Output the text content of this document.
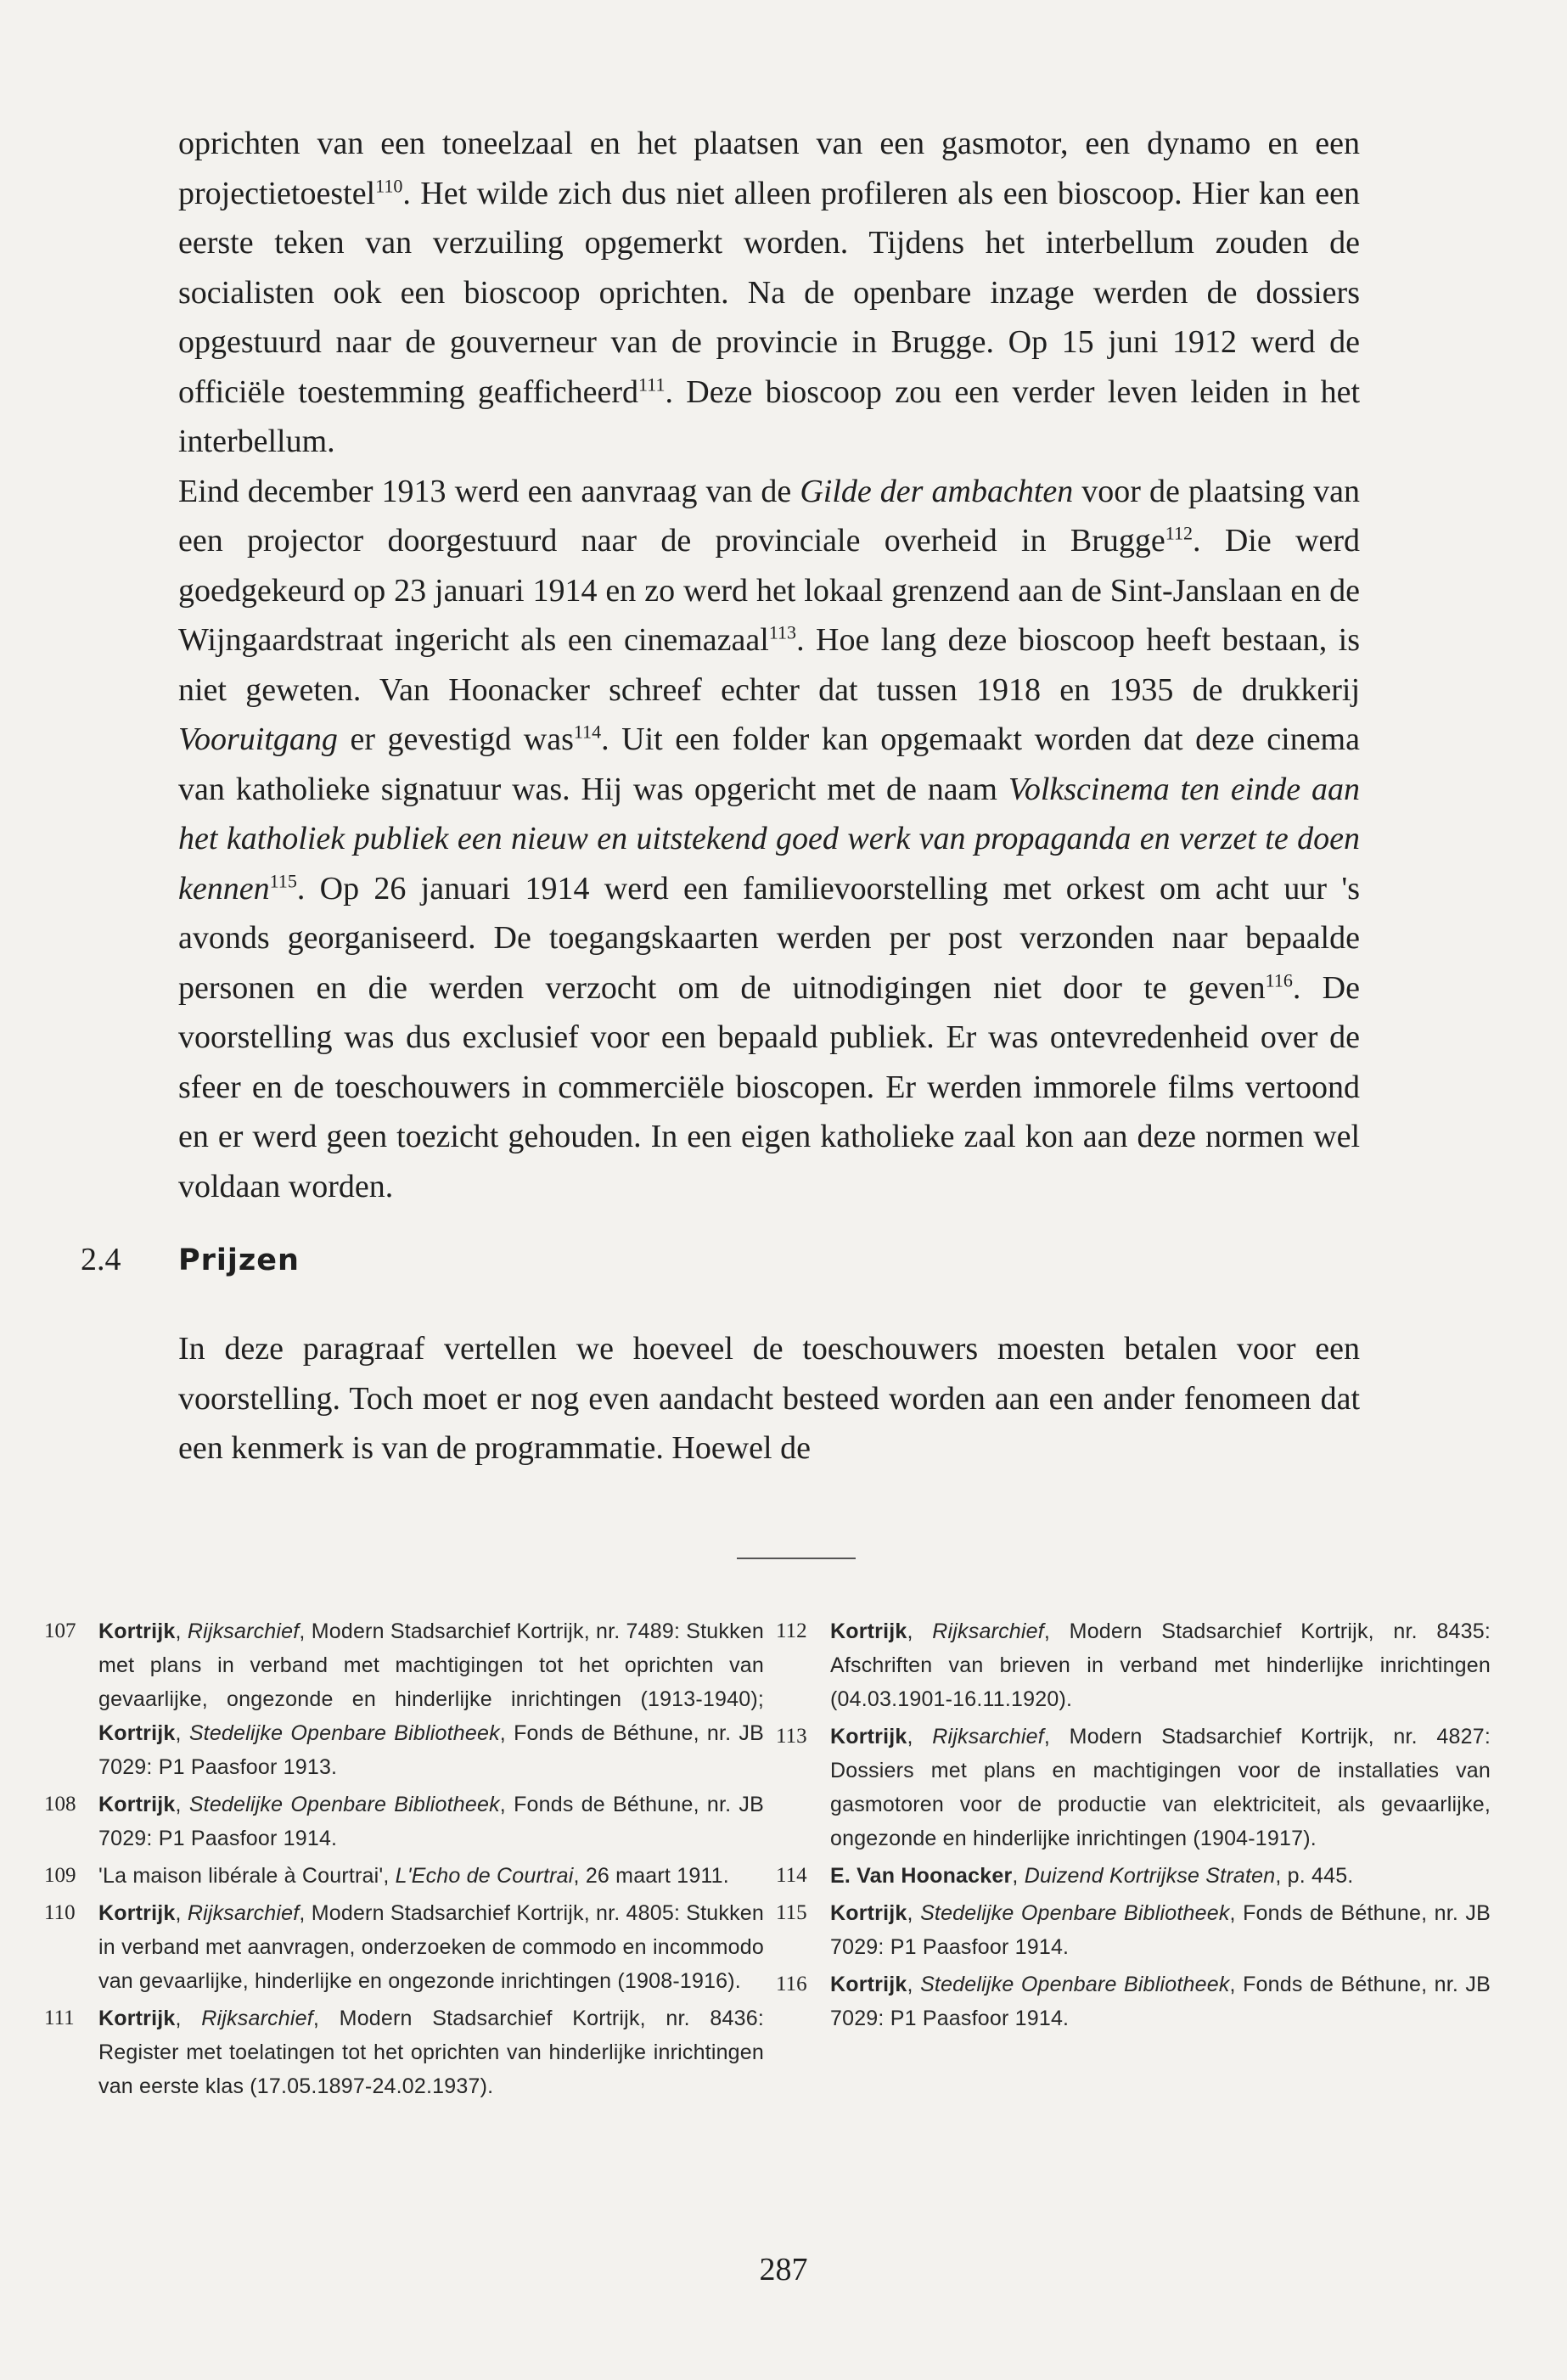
oprichten van een toneelzaal en het plaatsen van een gasmotor, een dynamo en een projectietoestel$^{110}$. Het wilde zich dus niet alleen profileren als een bioscoop. Hier kan een eerste teken van verzuiling opgemerkt worden. Tijdens het interbellum zouden de socialisten ook een bioscoop oprichten. Na de openbare inzage werden de dossiers opgestuurd naar de gouverneur van de provincie in Brugge. Op 15 juni 1912 werd de officiële toestemming geafficheerd$^{111}$. Deze bioscoop zou een verder leven leiden in het interbellum.

Eind december 1913 werd een aanvraag van de Gilde der ambachten voor de plaatsing van een projector doorgestuurd naar de provinciale overheid in Brugge$^{112}$. Die werd goedgekeurd op 23 januari 1914 en zo werd het lokaal grenzend aan de Sint-Janslaan en de Wijngaardstraat ingericht als een cinemazaal$^{113}$. Hoe lang deze bioscoop heeft bestaan, is niet geweten. Van Hoonacker schreef echter dat tussen 1918 en 1935 de drukkerij Vooruitgang er gevestigd was$^{114}$. Uit een folder kan opgemaakt worden dat deze cinema van katholieke signatuur was. Hij was opgericht met de naam Volkscinema ten einde aan het katholiek publiek een nieuw en uitstekend goed werk van propaganda en verzet te doen kennen$^{115}$. Op 26 januari 1914 werd een familievoorstelling met orkest om acht uur 's avonds georganiseerd. De toegangskaarten werden per post verzonden naar bepaalde personen en die werden verzocht om de uitnodigingen niet door te geven$^{116}$. De voorstelling was dus exclusief voor een bepaald publiek. Er was ontevredenheid over de sfeer en de toeschouwers in commerciële bioscopen. Er werden immorele films vertoond en er werd geen toezicht gehouden. In een eigen katholieke zaal kon aan deze normen wel voldaan worden.

2.4 Prijzen

In deze paragraaf vertellen we hoeveel de toeschouwers moesten betalen voor een voorstelling. Toch moet er nog even aandacht besteed worden aan een ander fenomeen dat een kenmerk is van de programmatie. Hoewel de

107	Kortrijk, Rijksarchief, Modern Stadsarchief Kortrijk, nr. 7489: Stukken met plans in verband met machtigingen tot het oprichten van gevaarlijke, ongezonde en hinderlijke inrichtingen (1913-1940); Kortrijk, Stedelijke Openbare Bibliotheek, Fonds de Béthune, nr. JB 7029: P1 Paasfoor 1913.
108	Kortrijk, Stedelijke Openbare Bibliotheek, Fonds de Béthune, nr. JB 7029: P1 Paasfoor 1914.
109	'La maison libérale à Courtrai', L'Echo de Courtrai, 26 maart 1911.
110	Kortrijk, Rijksarchief, Modern Stadsarchief Kortrijk, nr. 4805: Stukken in verband met aanvragen, onderzoeken de commodo en incommodo van gevaarlijke, hinderlijke en ongezonde inrichtingen (1908-1916).
111	Kortrijk, Rijksarchief, Modern Stadsarchief Kortrijk, nr. 8436: Register met toelatingen tot het oprichten van hinderlijke inrichtingen van eerste klas (17.05.1897-24.02.1937).
112	Kortrijk, Rijksarchief, Modern Stadsarchief Kortrijk, nr. 8435: Afschriften van brieven in verband met hinderlijke inrichtingen (04.03.1901-16.11.1920).
113	Kortrijk, Rijksarchief, Modern Stadsarchief Kortrijk, nr. 4827: Dossiers met plans en machtigingen voor de installaties van gasmotoren voor de productie van elektriciteit, als gevaarlijke, ongezonde en hinderlijke inrichtingen (1904-1917).
114	E. Van Hoonacker, Duizend Kortrijkse Straten, p. 445.
115	Kortrijk, Stedelijke Openbare Bibliotheek, Fonds de Béthune, nr. JB 7029: P1 Paasfoor 1914.
116	Kortrijk, Stedelijke Openbare Bibliotheek, Fonds de Béthune, nr. JB 7029: P1 Paasfoor 1914.
287
